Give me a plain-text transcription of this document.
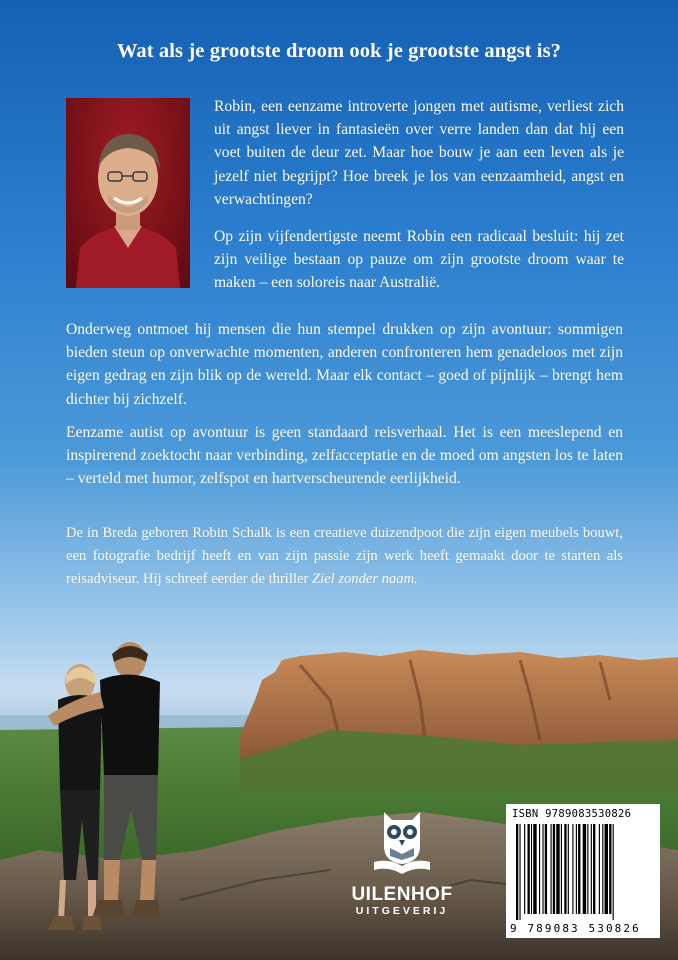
Wat als je grootste droom ook je grootste angst is?
Robin, een eenzame introverte jongen met autisme, verliest zich uit angst liever in fantasieën over verre landen dan dat hij een voet buiten de deur zet. Maar hoe bouw je aan een leven als je jezelf niet begrijpt? Hoe breek je los van eenzaamheid, angst en verwachtingen?
Op zijn vijfendertigste neemt Robin een radicaal besluit: hij zet zijn veilige bestaan op pauze om zijn grootste droom waar te maken – een soloreis naar Australië.
Onderweg ontmoet hij mensen die hun stempel drukken op zijn avontuur: sommigen bieden steun op onverwachte momenten, anderen confronteren hem genadeloos met zijn eigen gedrag en zijn blik op de wereld. Maar elk contact – goed of pijnlijk – brengt hem dichter bij zichzelf.
Eenzame autist op avontuur is geen standaard reisverhaal. Het is een meeslepend en inspirerend zoektocht naar verbinding, zelfacceptatie en de moed om angsten los te laten – verteld met humor, zelfspot en hartverscheurende eerlijkheid.
De in Breda geboren Robin Schalk is een creatieve duizendpoot die zijn eigen meubels bouwt, een fotografie bedrijf heeft en van zijn passie zijn werk heeft gemaakt door te starten als reisadviseur. Hij schreef eerder de thriller Ziel zonder naam.
UILENHOF
UITGEVERIJ
ISBN 9789083530826
9 789083 530826
